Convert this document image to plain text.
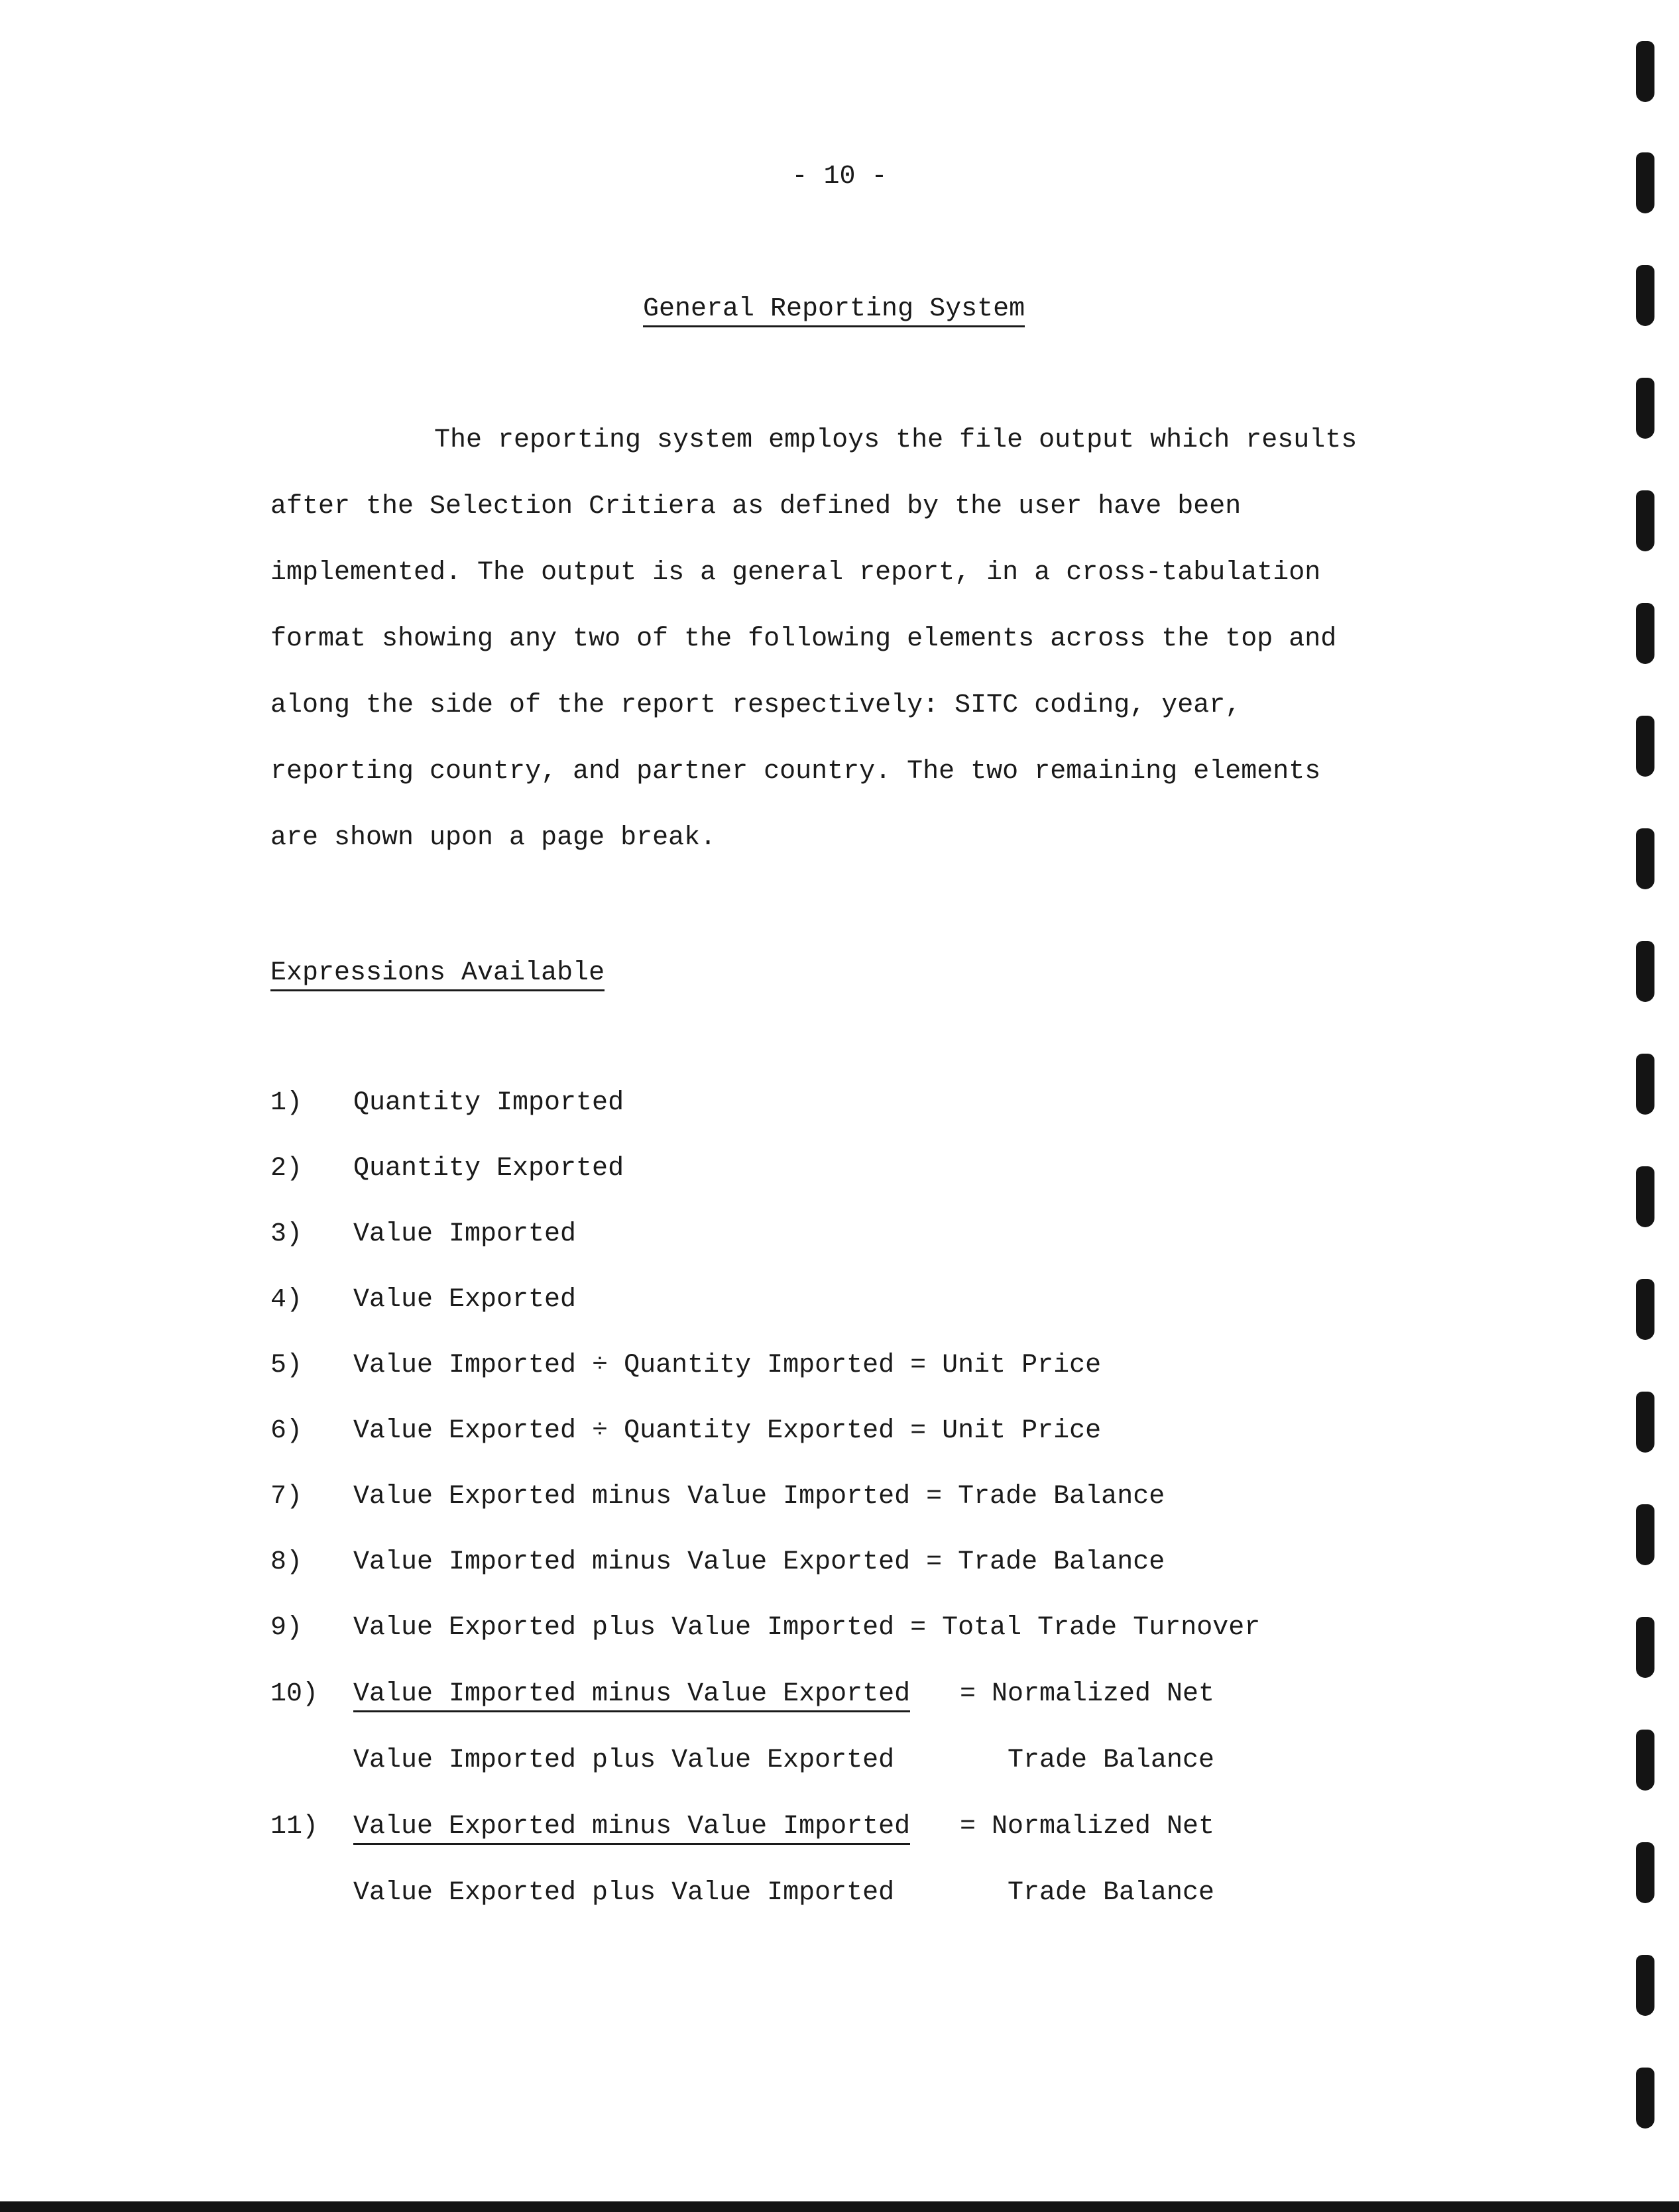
- 10 -
General Reporting System
The reporting system employs the file output which results
after the Selection Critiera as defined by the user have been
implemented. The output is a general report, in a cross-tabulation
format showing any two of the following elements across the top and
along the side of the report respectively: SITC coding, year,
reporting country, and partner country. The two remaining elements
are shown upon a page break.
Expressions Available
1) Quantity Imported
2) Quantity Exported
3) Value Imported
4) Value Exported
5) Value Imported ÷ Quantity Imported = Unit Price
6) Value Exported ÷ Quantity Exported = Unit Price
7) Value Exported minus Value Imported = Trade Balance
8) Value Imported minus Value Exported = Trade Balance
9) Value Exported plus Value Imported = Total Trade Turnover
10) Value Imported minus Value Exported = Normalized Net
Value Imported plus Value Exported	Trade Balance
11) Value Exported minus Value Imported = Normalized Net
Value Exported plus Value Imported	Trade Balance
